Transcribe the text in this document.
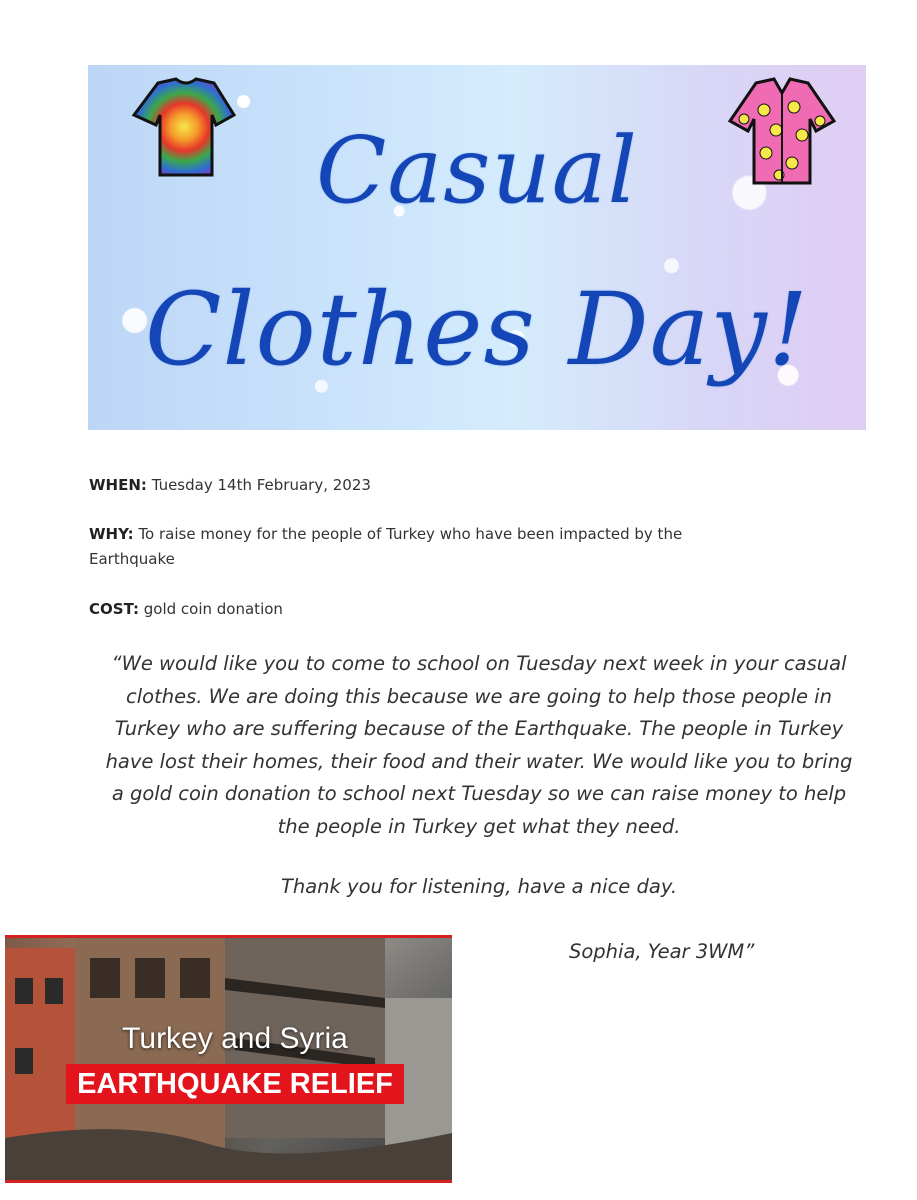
Casual

Clothes Day!

WHEN: Tuesday 14th February, 2023

WHY: To raise money for the people of Turkey who have been impacted by the
Earthquake

COST: gold coin donation

“We would like you to come to school on Tuesday next week in your casual
clothes. We are doing this because we are going to help those people in
Turkey who are suffering because of the Earthquake. The people in Turkey
have lost their homes, their food and their water. We would like you to bring
a gold coin donation to school next Tuesday so we can raise money to help
the people in Turkey get what they need.

Thank you for listening, have a nice day.

Sophia, Year 3WM”

Turkey and Syria
EARTHQUAKE RELIEF
